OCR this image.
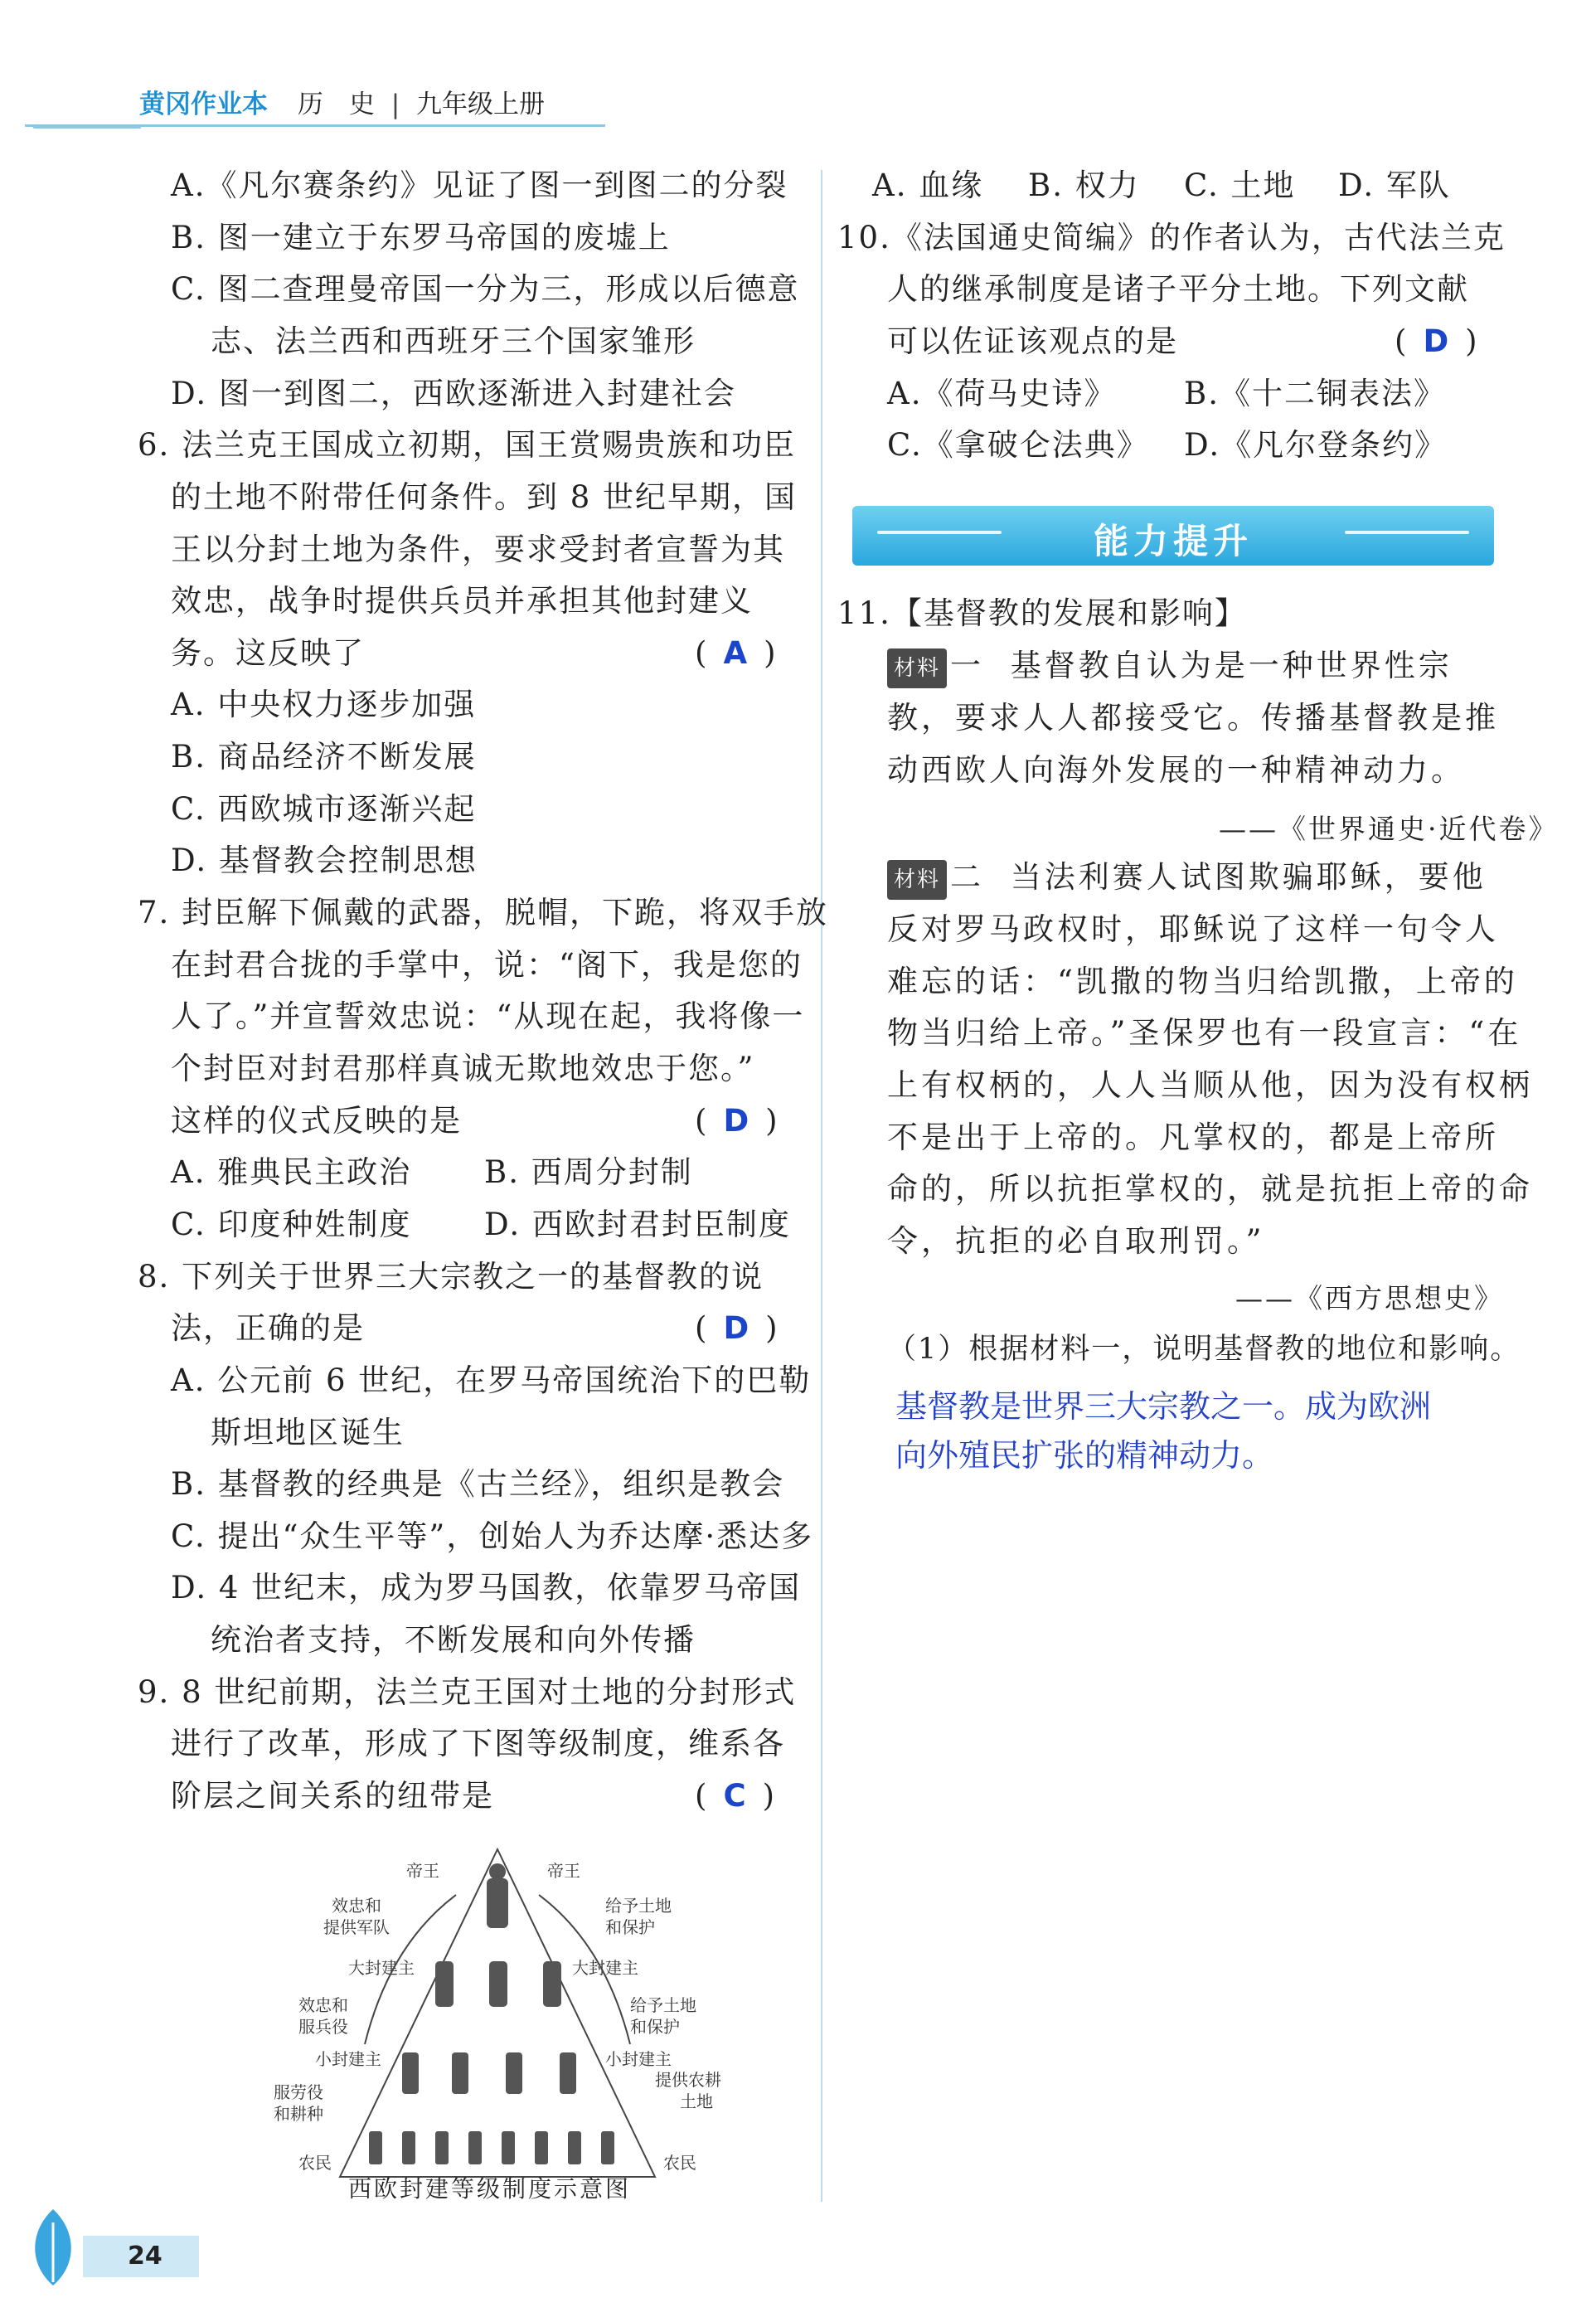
黄冈作业本 历　史 | 九年级上册
A.《凡尔赛条约》见证了图一到图二的分裂
B. 图一建立于东罗马帝国的废墟上
C. 图二查理曼帝国一分为三，形成以后德意
志、法兰西和西班牙三个国家雏形
D. 图一到图二，西欧逐渐进入封建社会
6. 法兰克王国成立初期，国王赏赐贵族和功臣
的土地不附带任何条件。到 8 世纪早期，国
王以分封土地为条件，要求受封者宣誓为其
效忠，战争时提供兵员并承担其他封建义
务。这反映了	( A )
A. 中央权力逐步加强
B. 商品经济不断发展
C. 西欧城市逐渐兴起
D. 基督教会控制思想
7. 封臣解下佩戴的武器，脱帽，下跪，将双手放
在封君合拢的手掌中，说：“阁下，我是您的
人了。”并宣誓效忠说：“从现在起，我将像一
个封臣对封君那样真诚无欺地效忠于您。”
这样的仪式反映的是	( D )
A. 雅典民主政治 B. 西周分封制
C. 印度种姓制度 D. 西欧封君封臣制度
8. 下列关于世界三大宗教之一的基督教的说
法，正确的是	( D )
A. 公元前 6 世纪，在罗马帝国统治下的巴勒
斯坦地区诞生
B. 基督教的经典是《古兰经》，组织是教会
C. 提出“众生平等”，创始人为乔达摩·悉达多
D. 4 世纪末，成为罗马国教，依靠罗马帝国
统治者支持，不断发展和向外传播
9. 8 世纪前期，法兰克王国对土地的分封形式
进行了改革，形成了下图等级制度，维系各
阶层之间关系的纽带是	( C )
帝王	帝王
效忠和
提供军队
给予土地
和保护
大封建主	大封建主
效忠和
服兵役
给予土地
和保护
小封建主	小封建主
服劳役
和耕种
提供农耕
土地
农民	农民
西欧封建等级制度示意图
A. 血缘 B. 权力 C. 土地 D. 军队
10.《法国通史简编》的作者认为，古代法兰克
人的继承制度是诸子平分土地。下列文献
可以佐证该观点的是	( D )
A.《荷马史诗》 B.《十二铜表法》
C.《拿破仑法典》 D.《凡尔登条约》
能力提升
11.【基督教的发展和影响】
材料 一 基督教自认为是一种世界性宗
教，要求人人都接受它。传播基督教是推
动西欧人向海外发展的一种精神动力。
——《世界通史·近代卷》
材料 二 当法利赛人试图欺骗耶稣，要他
反对罗马政权时，耶稣说了这样一句令人
难忘的话：“凯撒的物当归给凯撒，上帝的
物当归给上帝。”圣保罗也有一段宣言：“在
上有权柄的，人人当顺从他，因为没有权柄
不是出于上帝的。凡掌权的，都是上帝所
命的，所以抗拒掌权的，就是抗拒上帝的命
令，抗拒的必自取刑罚。”
——《西方思想史》
（1）根据材料一，说明基督教的地位和影响。
基督教是世界三大宗教之一。成为欧洲
向外殖民扩张的精神动力。
24
